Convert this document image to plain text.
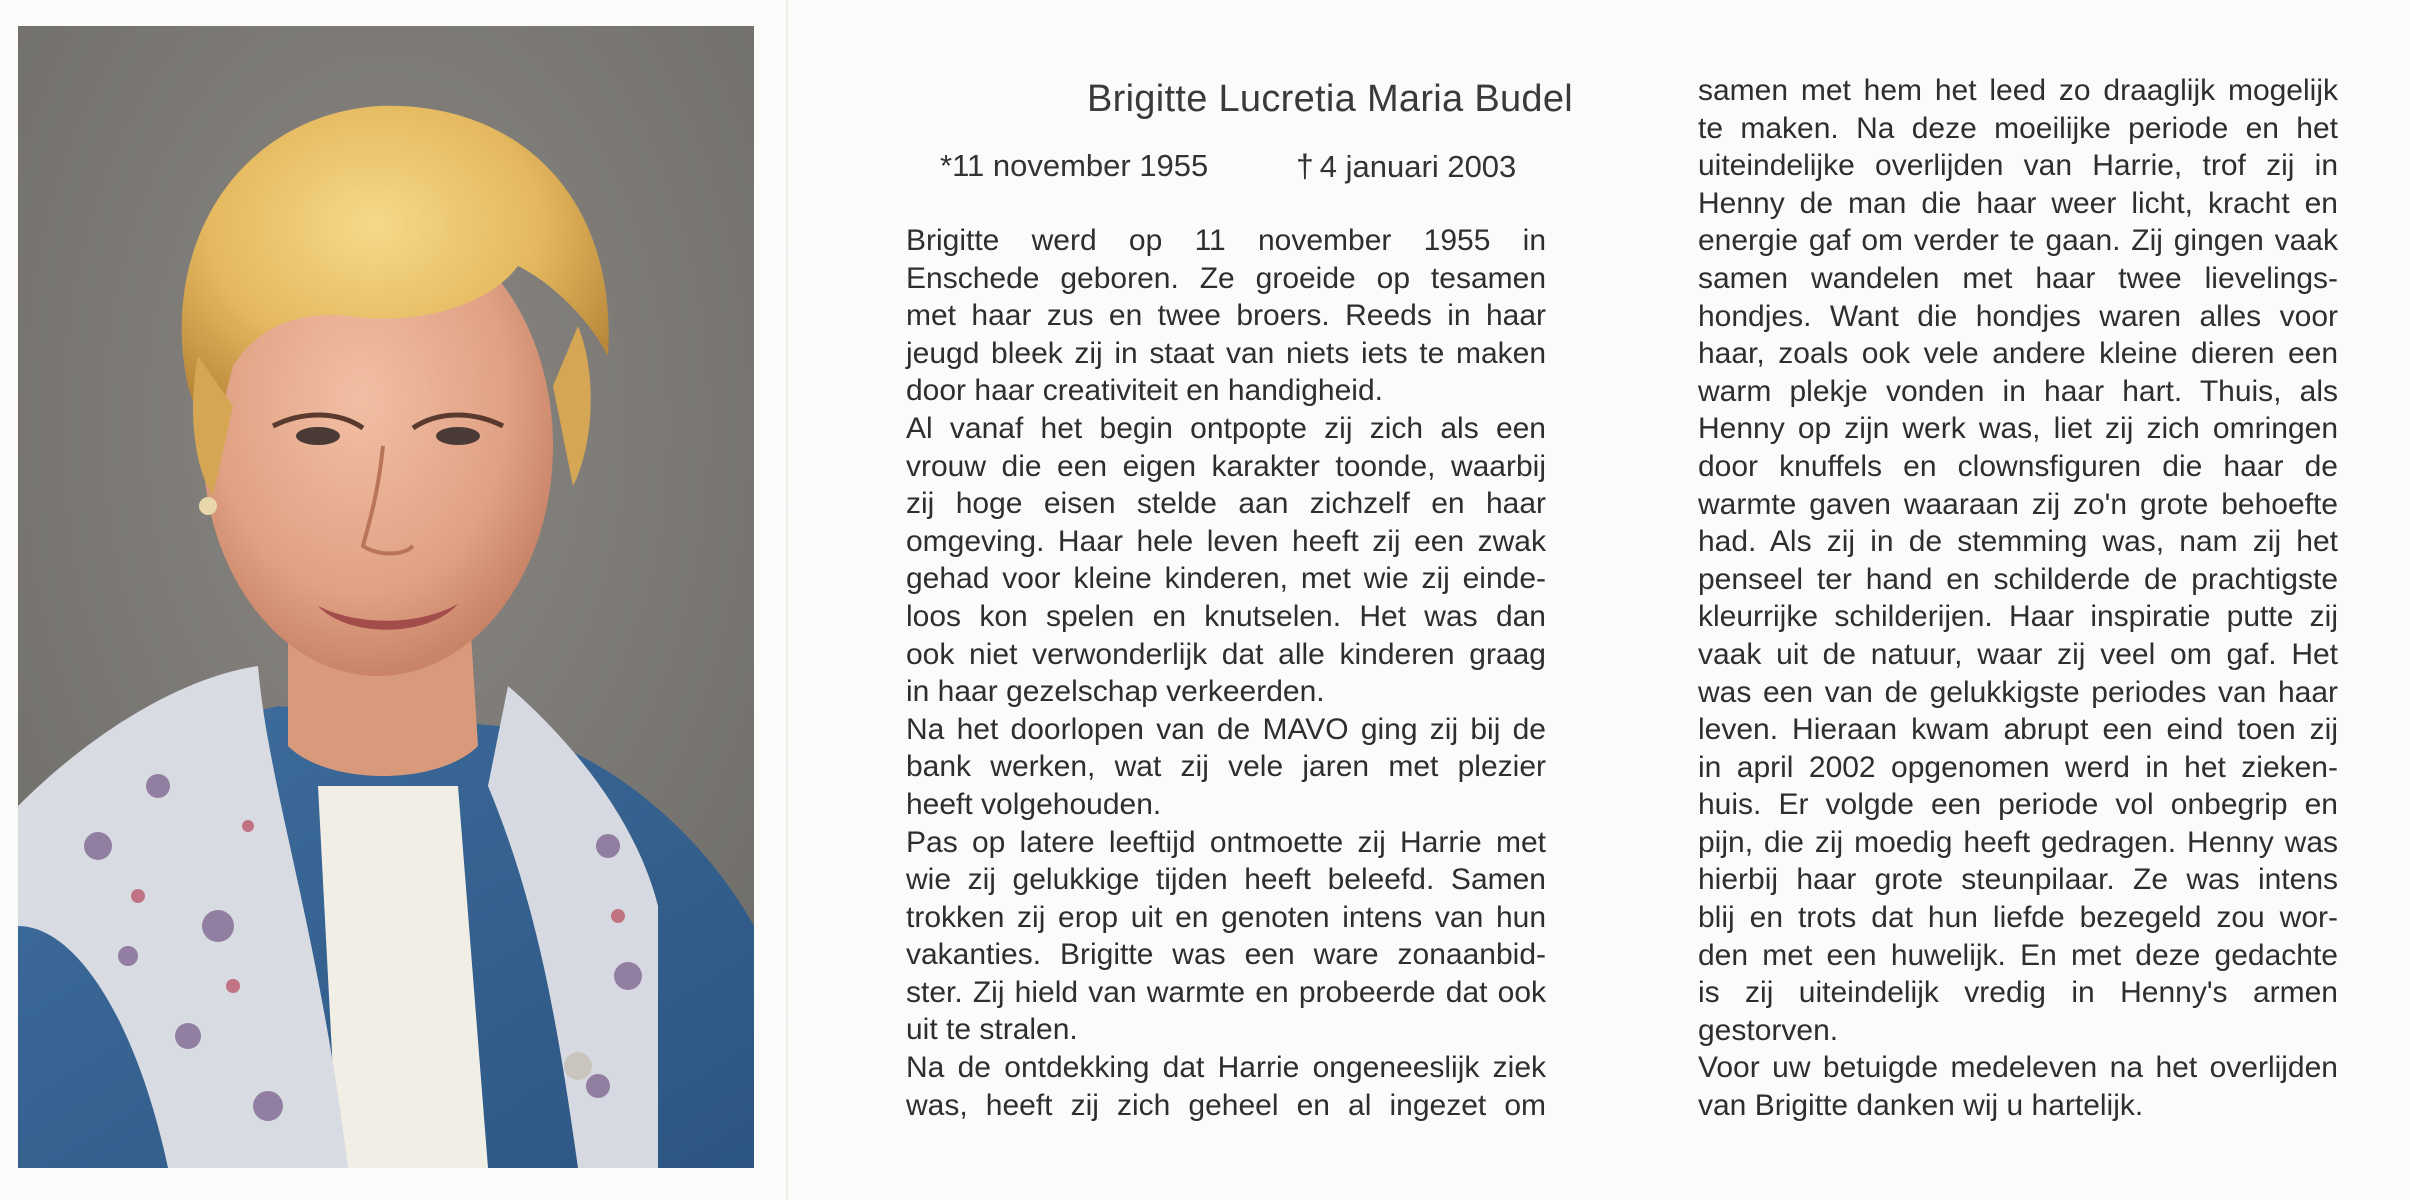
Brigitte Lucretia Maria Budel
*11 november 1955	† 4 januari 2003
Brigitte werd op 11 november 1955 in
Enschede geboren. Ze groeide op tesamen
met haar zus en twee broers. Reeds in haar
jeugd bleek zij in staat van niets iets te maken
door haar creativiteit en handigheid.
Al vanaf het begin ontpopte zij zich als een
vrouw die een eigen karakter toonde, waarbij
zij hoge eisen stelde aan zichzelf en haar
omgeving. Haar hele leven heeft zij een zwak
gehad voor kleine kinderen, met wie zij einde-
loos kon spelen en knutselen. Het was dan
ook niet verwonderlijk dat alle kinderen graag
in haar gezelschap verkeerden.
Na het doorlopen van de MAVO ging zij bij de
bank werken, wat zij vele jaren met plezier
heeft volgehouden.
Pas op latere leeftijd ontmoette zij Harrie met
wie zij gelukkige tijden heeft beleefd. Samen
trokken zij erop uit en genoten intens van hun
vakanties. Brigitte was een ware zonaanbid-
ster. Zij hield van warmte en probeerde dat ook
uit te stralen.
Na de ontdekking dat Harrie ongeneeslijk ziek
was, heeft zij zich geheel en al ingezet om
samen met hem het leed zo draaglijk mogelijk
te maken. Na deze moeilijke periode en het
uiteindelijke overlijden van Harrie, trof zij in
Henny de man die haar weer licht, kracht en
energie gaf om verder te gaan. Zij gingen vaak
samen wandelen met haar twee lievelings-
hondjes. Want die hondjes waren alles voor
haar, zoals ook vele andere kleine dieren een
warm plekje vonden in haar hart. Thuis, als
Henny op zijn werk was, liet zij zich omringen
door knuffels en clownsfiguren die haar de
warmte gaven waaraan zij zo'n grote behoefte
had. Als zij in de stemming was, nam zij het
penseel ter hand en schilderde de prachtigste
kleurrijke schilderijen. Haar inspiratie putte zij
vaak uit de natuur, waar zij veel om gaf. Het
was een van de gelukkigste periodes van haar
leven. Hieraan kwam abrupt een eind toen zij
in april 2002 opgenomen werd in het zieken-
huis. Er volgde een periode vol onbegrip en
pijn, die zij moedig heeft gedragen. Henny was
hierbij haar grote steunpilaar. Ze was intens
blij en trots dat hun liefde bezegeld zou wor-
den met een huwelijk. En met deze gedachte
is zij uiteindelijk vredig in Henny's armen
gestorven.
Voor uw betuigde medeleven na het overlijden
van Brigitte danken wij u hartelijk.
